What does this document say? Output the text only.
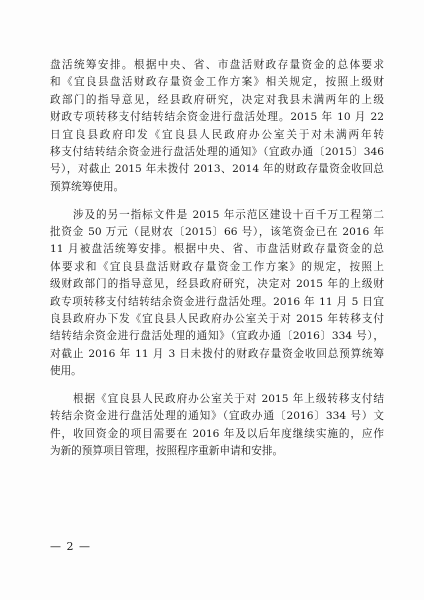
盘活统筹安排。根据中央、省、市盘活财政存量资金的总体要求
和《宜良县盘活财政存量资金工作方案》相关规定，按照上级财
政部门的指导意见，经县政府研究，决定对我县未满两年的上级
财政专项转移支付结转结余资金进行盘活处理。2015 年 10 月 22
日宜良县政府印发《宜良县人民政府办公室关于对未满两年转
移支付结转结余资金进行盘活处理的通知》（宜政办通〔2015〕346
号），对截止 2015 年未拨付 2013、2014 年的财政存量资金收回总
预算统筹使用。
　　涉及的另一指标文件是 2015 年示范区建设十百千万工程第二
批资金 50 万元（昆财农〔2015〕66 号），该笔资金已在 2016 年
11 月被盘活统筹安排。根据中央、省、市盘活财政存量资金的总
体要求和《宜良县盘活财政存量资金工作方案》的规定，按照上
级财政部门的指导意见，经县政府研究，决定对 2015 年的上级财
政专项转移支付结转结余资金进行盘活处理。2016 年 11 月 5 日宜
良县政府办下发《宜良县人民政府办公室关于对 2015 年转移支付
结转结余资金进行盘活处理的通知》（宜政办通〔2016〕334 号），
对截止 2016 年 11 月 3 日未拨付的财政存量资金收回总预算统筹
使用。
　　根据《宜良县人民政府办公室关于对 2015 年上级转移支付结
转结余资金进行盘活处理的通知》（宜政办通〔2016〕334 号）文
件，收回资金的项目需要在 2016 年及以后年度继续实施的，应作
为新的预算项目管理，按照程序重新申请和安排。
— 2 —
